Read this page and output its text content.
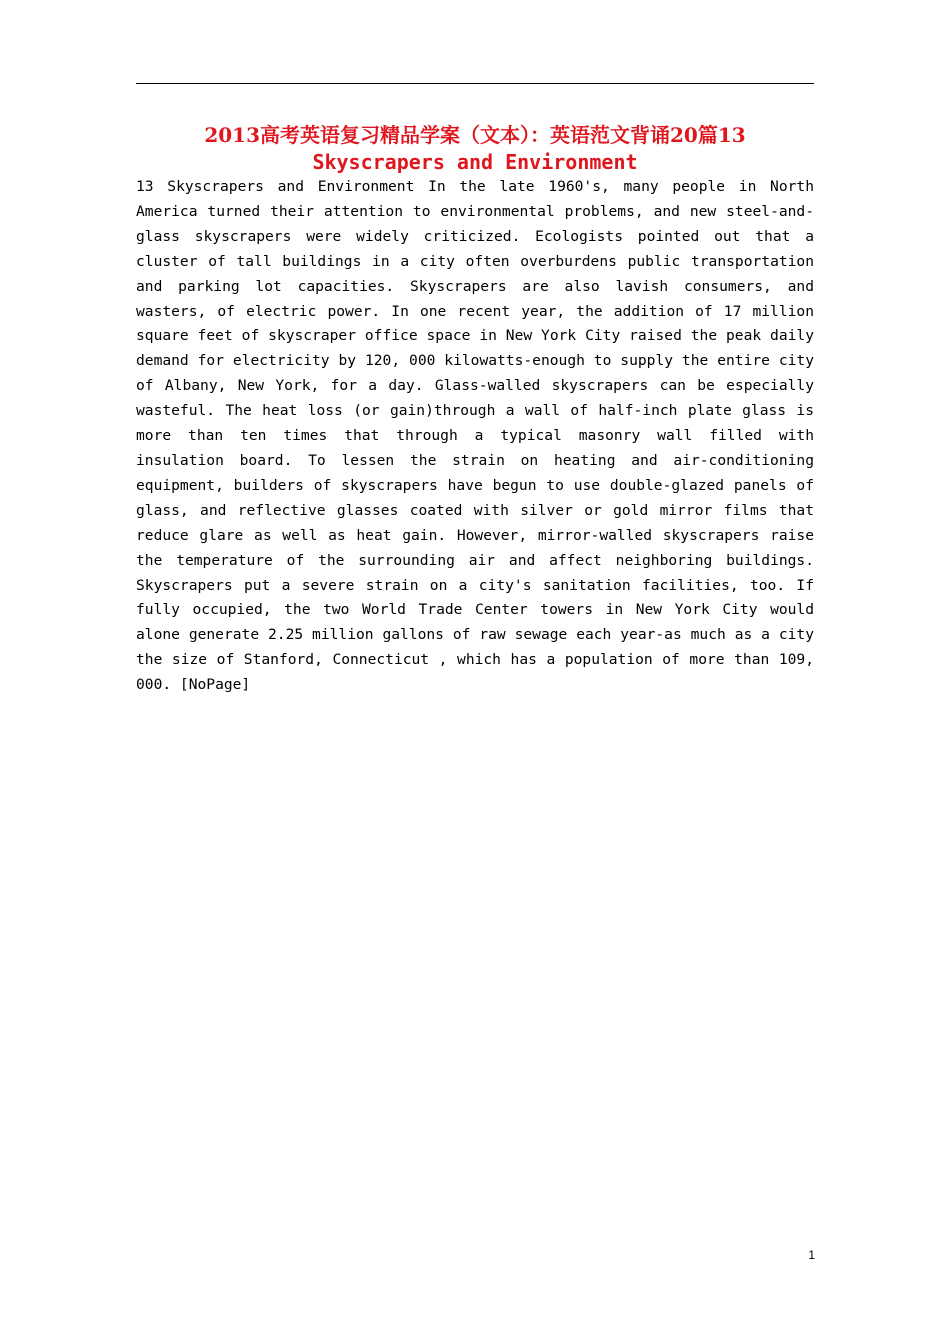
2013高考英语复习精品学案（文本）：英语范文背诵20篇13
Skyscrapers and Environment

13 Skyscrapers and Environment In the late 1960's, many people in North America turned their attention to environmental problems, and new steel-and-glass skyscrapers were widely criticized. Ecologists pointed out that a cluster of tall buildings in a city often overburdens public transportation and parking lot capacities. Skyscrapers are also lavish consumers, and wasters, of electric power. In one recent year, the addition of 17 million square feet of skyscraper office space in New York City raised the peak daily demand for electricity by 120, 000 kilowatts-enough to supply the entire city of Albany, New York, for a day. Glass-walled skyscrapers can be especially wasteful. The heat loss (or gain)through a wall of half-inch plate glass is more than ten times that through a typical masonry wall filled with insulation board. To lessen the strain on heating and air-conditioning equipment, builders of skyscrapers have begun to use double-glazed panels of glass, and reflective glasses coated with silver or gold mirror films that reduce glare as well as heat gain. However, mirror-walled skyscrapers raise the temperature of the surrounding air and affect neighboring buildings. Skyscrapers put a severe strain on a city's sanitation facilities, too. If fully occupied, the two World Trade Center towers in New York City would alone generate 2.25 million gallons of raw sewage each year-as much as a city the size of Stanford, Connecticut , which has a population of more than 109, 000. [NoPage]

1
